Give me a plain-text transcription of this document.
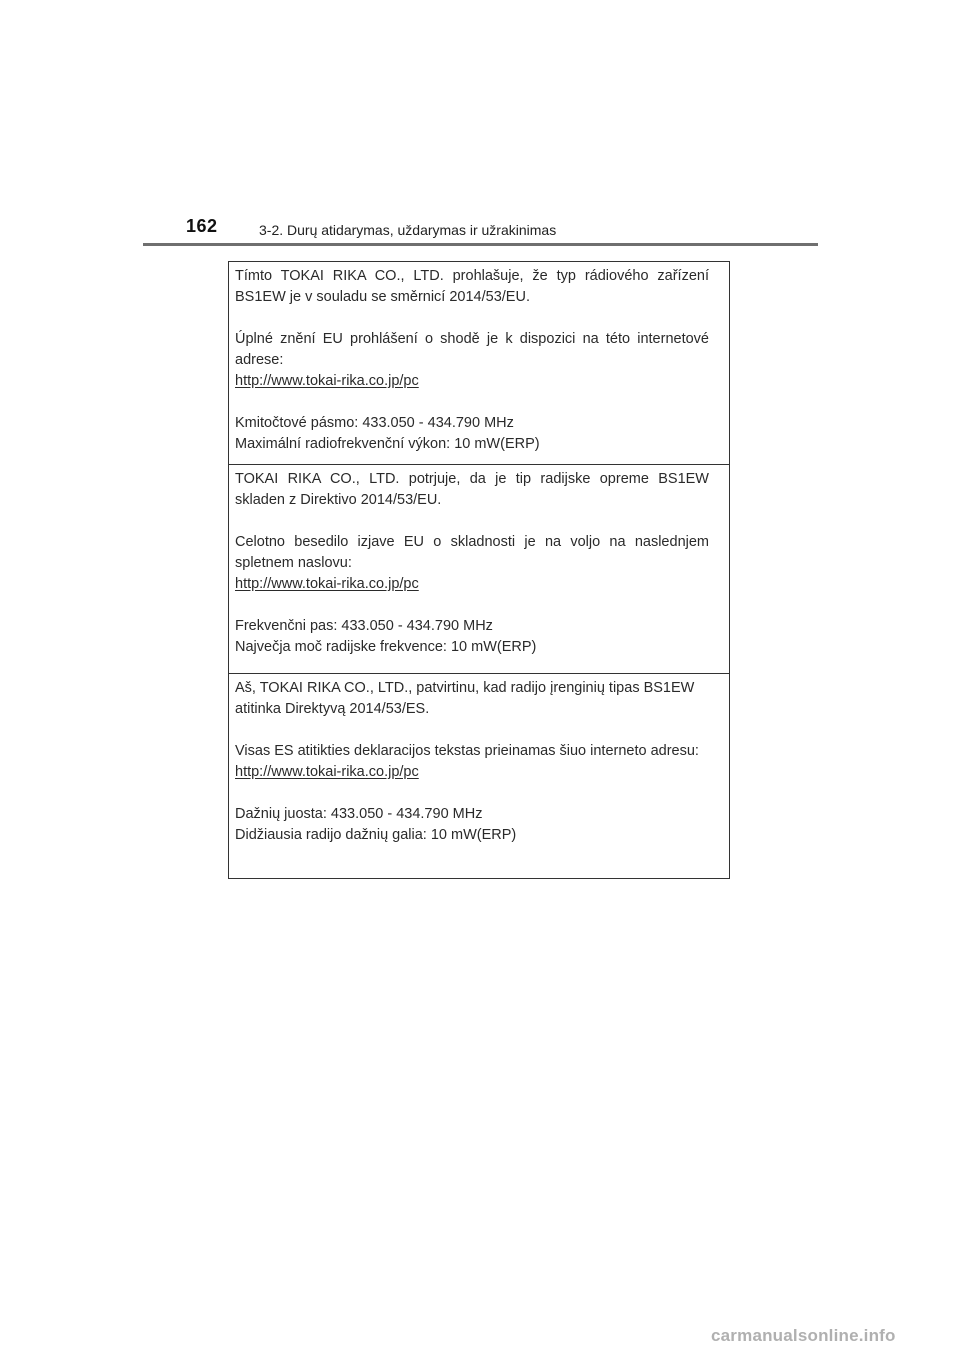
162	3-2. Durų atidarymas, uždarymas ir užrakinimas

Tímto TOKAI RIKA CO., LTD. prohlašuje, že typ rádiového zařízení BS1EW je v souladu se směrnicí 2014/53/EU.

Úplné znění EU prohlášení o shodě je k dispozici na této internetové adrese:

http://www.tokai-rika.co.jp/pc
Kmitočtové pásmo: 433.050 - 434.790 MHz
Maximální radiofrekvenční výkon: 10 mW(ERP)

TOKAI RIKA CO., LTD. potrjuje, da je tip radijske opreme BS1EW skladen z Direktivo 2014/53/EU.

Celotno besedilo izjave EU o skladnosti je na voljo na naslednjem spletnem naslovu:

http://www.tokai-rika.co.jp/pc
Frekvenčni pas: 433.050 - 434.790 MHz
Največja moč radijske frekvence: 10 mW(ERP)

Aš, TOKAI RIKA CO., LTD., patvirtinu, kad radijo įrenginių tipas BS1EW atitinka Direktyvą 2014/53/ES.

Visas ES atitikties deklaracijos tekstas prieinamas šiuo interneto adresu:

http://www.tokai-rika.co.jp/pc
Dažnių juosta: 433.050 - 434.790 MHz
Didžiausia radijo dažnių galia: 10 mW(ERP)
carmanualsonline.info
